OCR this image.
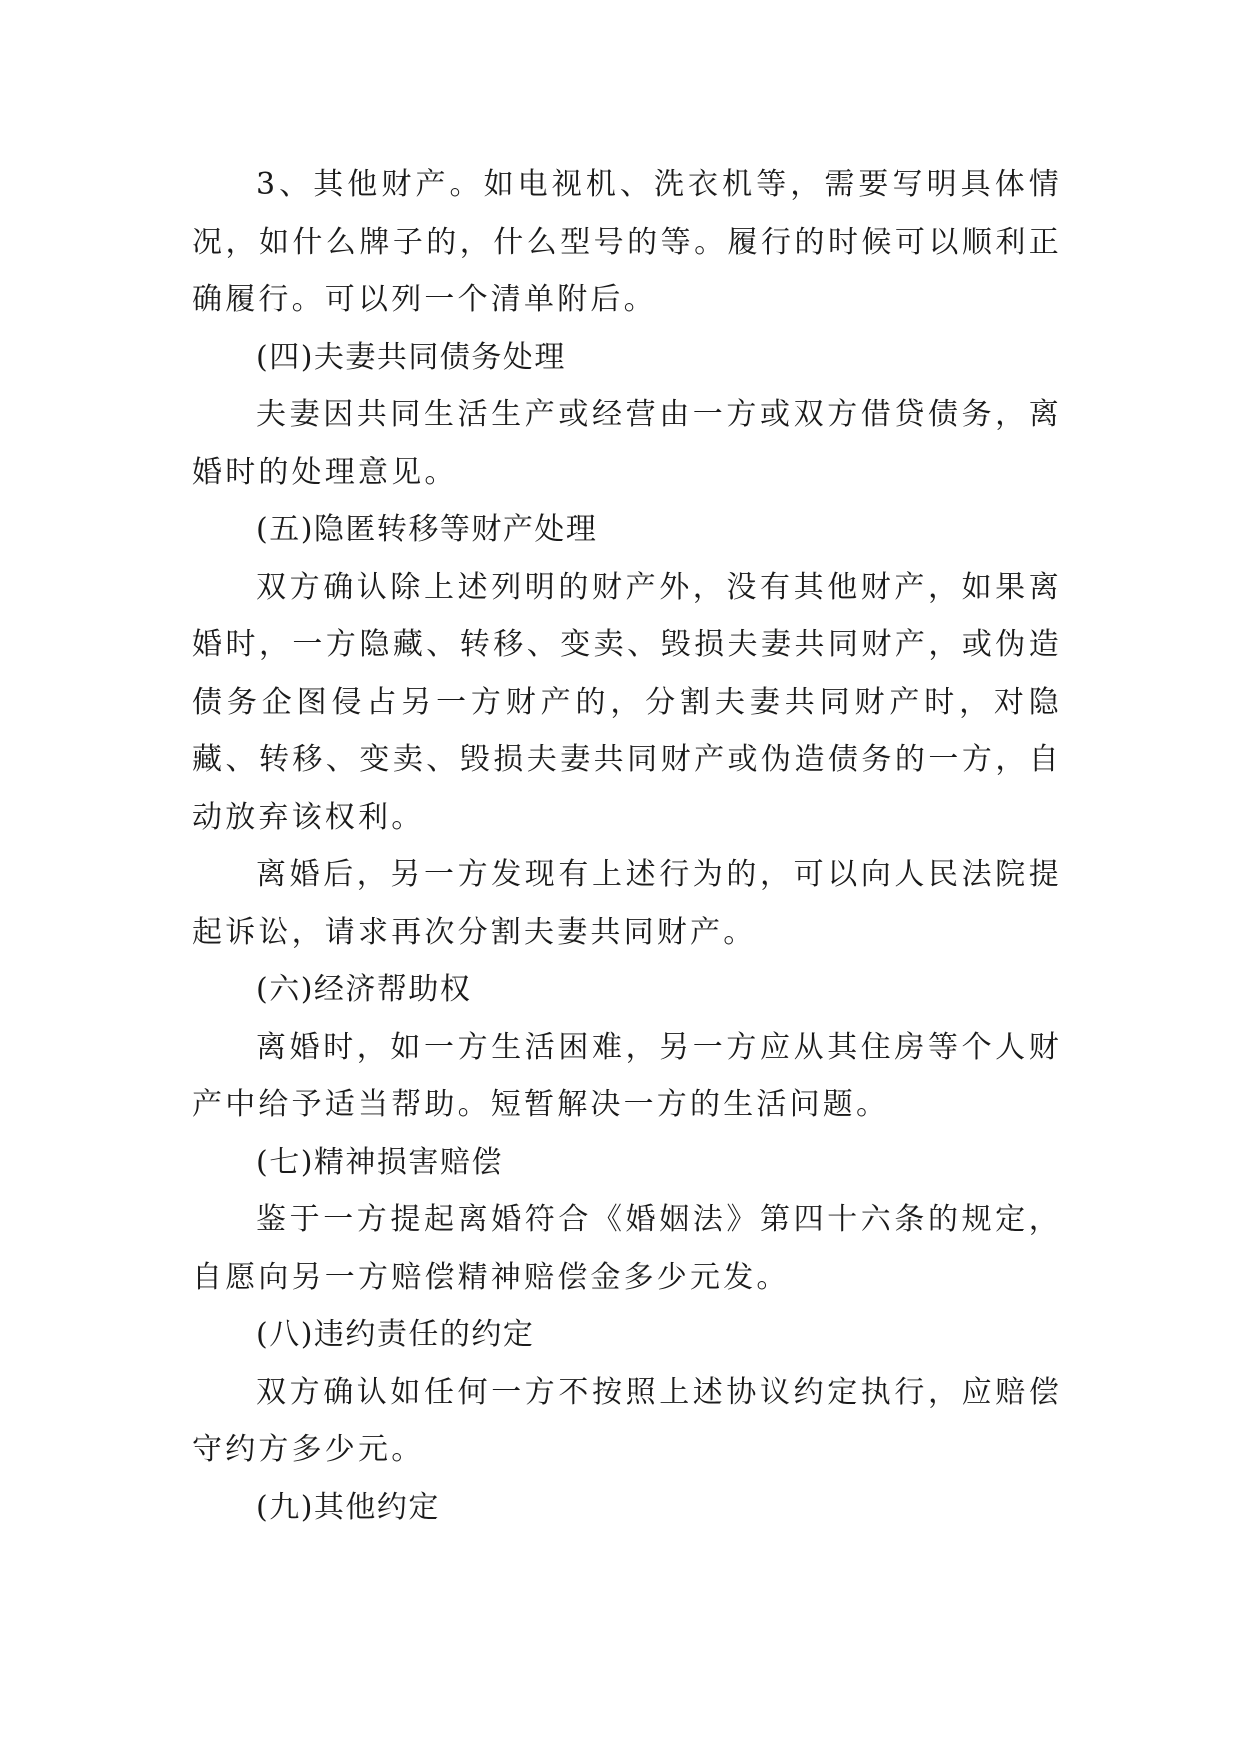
3、其他财产。如电视机、洗衣机等，需要写明具体情况，如什么牌子的，什么型号的等。履行的时候可以顺利正确履行。可以列一个清单附后。

(四)夫妻共同债务处理

夫妻因共同生活生产或经营由一方或双方借贷债务，离婚时的处理意见。

(五)隐匿转移等财产处理

双方确认除上述列明的财产外，没有其他财产，如果离婚时，一方隐藏、转移、变卖、毁损夫妻共同财产，或伪造债务企图侵占另一方财产的，分割夫妻共同财产时，对隐藏、转移、变卖、毁损夫妻共同财产或伪造债务的一方，自动放弃该权利。

离婚后，另一方发现有上述行为的，可以向人民法院提起诉讼，请求再次分割夫妻共同财产。

(六)经济帮助权

离婚时，如一方生活困难，另一方应从其住房等个人财产中给予适当帮助。短暂解决一方的生活问题。

(七)精神损害赔偿

鉴于一方提起离婚符合《婚姻法》第四十六条的规定，自愿向另一方赔偿精神赔偿金多少元发。

(八)违约责任的约定

双方确认如任何一方不按照上述协议约定执行，应赔偿守约方多少元。

(九)其他约定
